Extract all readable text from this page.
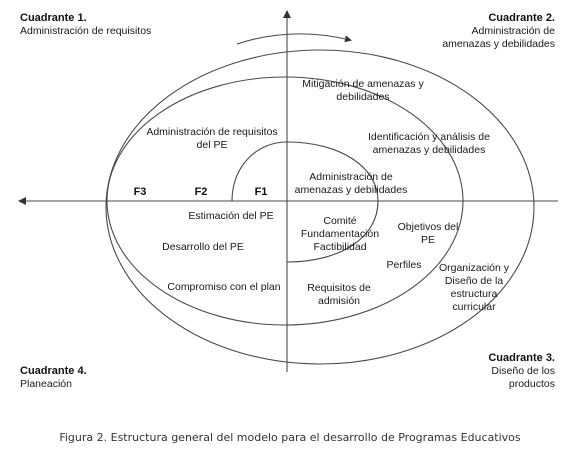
Cuadrante 1.
Administración de requisitos
Cuadrante 2.
Administración de
amenazas y debilidades
Cuadrante 3.
Diseño de los
productos
Cuadrante 4.
Planeación
F3	F2	F1
Mitigación de amenazas y
debilidades
Administración de requisitos
del PE
Identificación y análisis de
amenazas y debilidades
Administración de
amenazas y debilidades
Estimación del PE	Comité
Fundamentación
Factibilidad
Objetivos del
PE
Desarrollo del PE
Perfiles Organización y
Diseño de la
estructura
curricular
Compromiso con el plan	Requisitos de
admisión
Figura 2. Estructura general del modelo para el desarrollo de Programas Educativos
